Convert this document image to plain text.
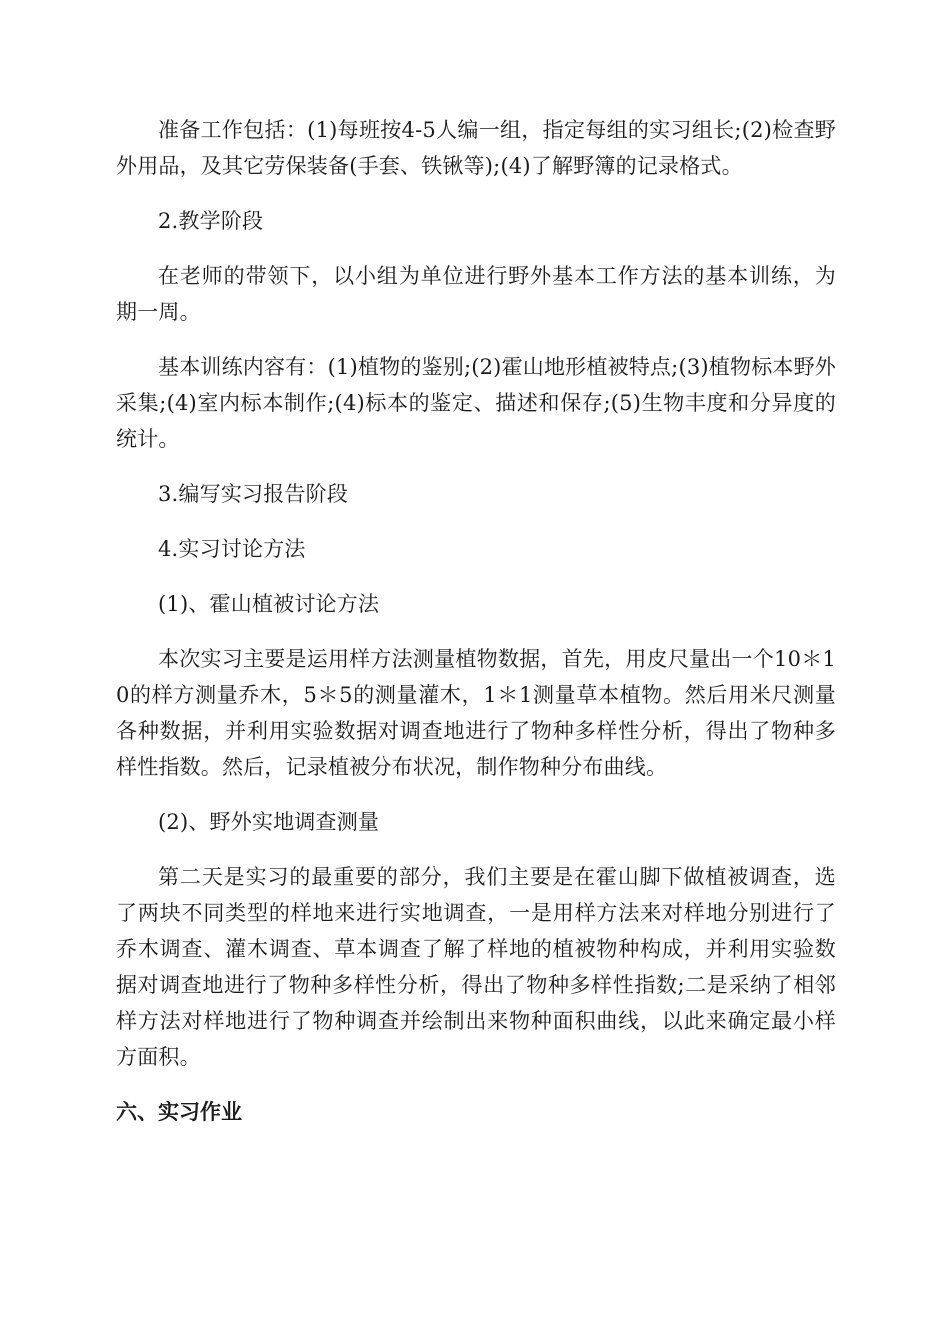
准备工作包括：(1)每班按4-5人编一组，指定每组的实习组长;(2)检查野外用品，及其它劳保装备(手套、铁锹等);(4)了解野簿的记录格式。

2.教学阶段

在老师的带领下，以小组为单位进行野外基本工作方法的基本训练，为期一周。

基本训练内容有：(1)植物的鉴别;(2)霍山地形植被特点;(3)植物标本野外采集;(4)室内标本制作;(4)标本的鉴定、描述和保存;(5)生物丰度和分异度的统计。

3.编写实习报告阶段

4.实习讨论方法

(1)、霍山植被讨论方法

本次实习主要是运用样方法测量植物数据，首先，用皮尺量出一个10＊10的样方测量乔木，5＊5的测量灌木，1＊1测量草本植物。然后用米尺测量各种数据，并利用实验数据对调查地进行了物种多样性分析，得出了物种多样性指数。然后，记录植被分布状况，制作物种分布曲线。

(2)、野外实地调查测量

第二天是实习的最重要的部分，我们主要是在霍山脚下做植被调查，选了两块不同类型的样地来进行实地调查，一是用样方法来对样地分别进行了乔木调查、灌木调查、草本调查了解了样地的植被物种构成，并利用实验数据对调查地进行了物种多样性分析，得出了物种多样性指数;二是采纳了相邻样方法对样地进行了物种调查并绘制出来物种面积曲线，以此来确定最小样方面积。

六、实习作业
